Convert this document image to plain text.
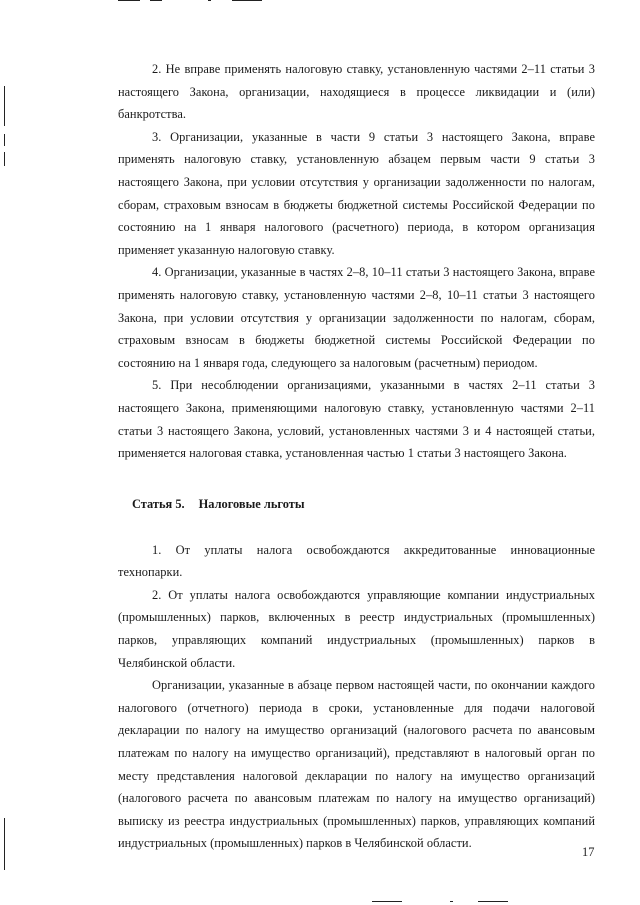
2. Не вправе применять налоговую ставку, установленную частями 2–11 статьи 3 настоящего Закона, организации, находящиеся в процессе ликвидации и (или) банкротства.

3. Организации, указанные в части 9 статьи 3 настоящего Закона, вправе применять налоговую ставку, установленную абзацем первым части 9 статьи 3 настоящего Закона, при условии отсутствия у организации задолженности по налогам, сборам, страховым взносам в бюджеты бюджетной системы Российской Федерации по состоянию на 1 января налогового (расчетного) периода, в котором организация применяет указанную налоговую ставку.

4. Организации, указанные в частях 2–8, 10–11 статьи 3 настоящего Закона, вправе применять налоговую ставку, установленную частями 2–8, 10–11 статьи 3 настоящего Закона, при условии отсутствия у организации задолженности по налогам, сборам, страховым взносам в бюджеты бюджетной системы Российской Федерации по состоянию на 1 января года, следующего за налоговым (расчетным) периодом.

5. При несоблюдении организациями, указанными в частях 2–11 статьи 3 настоящего Закона, применяющими налоговую ставку, установленную частями 2–11 статьи 3 настоящего Закона, условий, установленных частями 3 и 4 настоящей статьи, применяется налоговая ставка, установленная частью 1 статьи 3 настоящего Закона.

Статья 5. Налоговые льготы

1. От уплаты налога освобождаются аккредитованные инновационные технопарки.

2. От уплаты налога освобождаются управляющие компании индустриальных (промышленных) парков, включенных в реестр индустриальных (промышленных) парков, управляющих компаний индустриальных (промышленных) парков в Челябинской области.

Организации, указанные в абзаце первом настоящей части, по окончании каждого налогового (отчетного) периода в сроки, установленные для подачи налоговой декларации по налогу на имущество организаций (налогового расчета по авансовым платежам по налогу на имущество организаций), представляют в налоговый орган по месту представления налоговой декларации по налогу на имущество организаций (налогового расчета по авансовым платежам по налогу на имущество организаций) выписку из реестра индустриальных (промышленных) парков, управляющих компаний индустриальных (промышленных) парков в Челябинской области.

17
